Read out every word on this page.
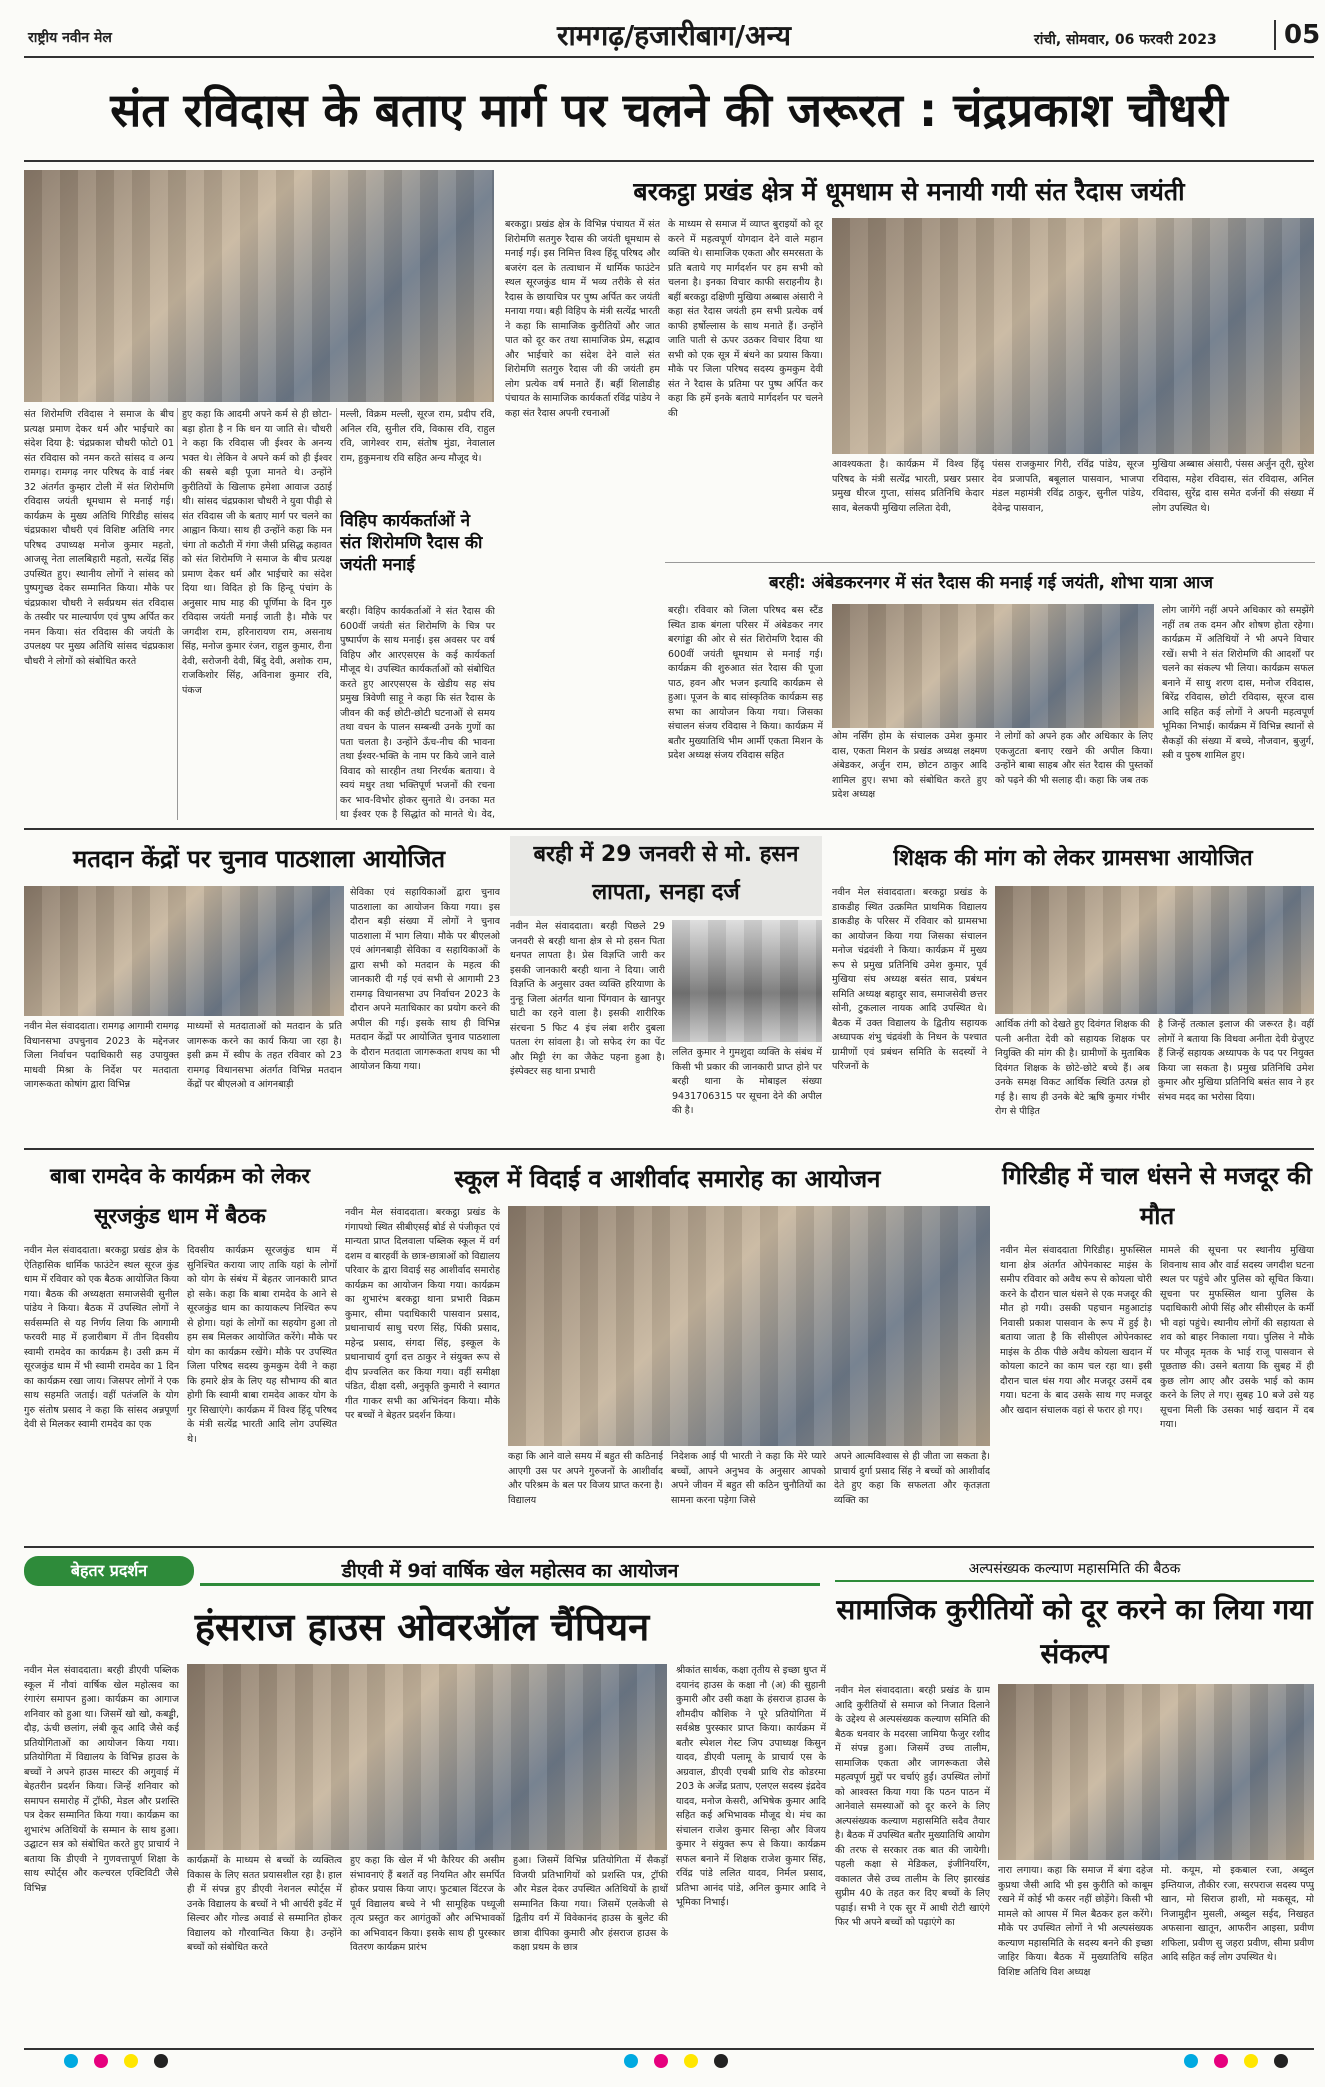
राष्ट्रीय नवीन मेल	रामगढ़/हजारीबाग/अन्य	रांची, सोमवार, 06 फरवरी 2023	05
संत रविदास के बताए मार्ग पर चलने की जरूरत : चंद्रप्रकाश चौधरी
संत शिरोमणि रविदास ने समाज के बीच प्रत्यक्ष प्रमाण देकर धर्म और भाईचारे का संदेश दिया है: चंद्रप्रकाश चौधरी फोटो 01 संत रविदास को नमन करते सांसद व अन्य रामगढ़। रामगढ़ नगर परिषद के वार्ड नंबर 32 अंतर्गत कुम्हार टोली में संत शिरोमणि रविदास जयंती धूमधाम से मनाई गई। कार्यक्रम के मुख्य अतिथि गिरिडीह सांसद चंद्रप्रकाश चौधरी एवं विशिष्ट अतिथि नगर परिषद उपाध्यक्ष मनोज कुमार महतो, आजसू नेता लालबिहारी महतो, सत्येंद्र सिंह उपस्थित हुए। स्थानीय लोगों ने सांसद को पुष्पगुच्छ देकर सम्मानित किया। मौके पर चंद्रप्रकाश चौधरी ने सर्वप्रथम संत रविदास के तस्वीर पर माल्यार्पण एवं पुष्प अर्पित कर नमन किया। संत रविदास की जयंती के उपलक्ष्य पर मुख्य अतिथि सांसद चंद्रप्रकाश चौधरी ने लोगों को संबोधित करते
हुए कहा कि आदमी अपने कर्म से ही छोटा-बड़ा होता है न कि धन या जाति से। चौधरी ने कहा कि रविदास जी ईश्वर के अनन्य भक्त थे। लेकिन वे अपने कर्म को ही ईश्वर की सबसे बड़ी पूजा मानते थे। उन्होंने कुरीतियों के खिलाफ हमेशा आवाज उठाई थी। सांसद चंद्रप्रकाश चौधरी ने युवा पीढ़ी से संत रविदास जी के बताए मार्ग पर चलने का आह्वान किया। साथ ही उन्होंने कहा कि मन चंगा तो कठौती में गंगा जैसी प्रसिद्ध कहावत को संत शिरोमणि ने समाज के बीच प्रत्यक्ष प्रमाण देकर धर्म और भाईचारे का संदेश दिया था। विदित हो कि हिन्दू पंचांग के अनुसार माघ माह की पूर्णिमा के दिन गुरु रविदास जयंती मनाई जाती है। मौके पर जगदीश राम, हरिनारायण राम, असनाथ सिंह, मनोज कुमार रंजन, राहुल कुमार, रीना देवी, सरोजनी देवी, बिंदु देवी, अशोक राम, राजकिशोर सिंह, अविनाश कुमार रवि, पंकज
मल्ली, विक्रम मल्ली, सूरज राम, प्रदीप रवि, अनिल रवि, सुनील रवि, विकास रवि, राहुल रवि, जागेश्वर राम, संतोष मुंडा, नेवालाल राम, हुकुमनाथ रवि सहित अन्य मौजूद थे।
विहिप कार्यकर्ताओं ने संत शिरोमणि रैदास की जयंती मनाई
बरही। विहिप कार्यकर्ताओं ने संत रैदास की 600वीं जयंती संत शिरोमणि के चित्र पर पुष्पार्पण के साथ मनाई। इस अवसर पर वर्ष विहिप और आरएसएस के कई कार्यकर्ता मौजूद थे। उपस्थित कार्यकर्ताओं को संबोधित करते हुए आरएसएस के खेडीय सह संघ प्रमुख त्रिवेणी साहू ने कहा कि संत रैदास के जीवन की कई छोटी-छोटी घटनाओं से समय तथा वचन के पालन सम्बन्धी उनके गुणों का पता चलता है। उन्होंने ऊँच-नीच की भावना तथा ईश्वर-भक्ति के नाम पर किये जाने वाले विवाद को सारहीन तथा निरर्थक बताया। वे स्वयं मधुर तथा भक्तिपूर्ण भजनों की रचना कर भाव-विभोर होकर सुनाते थे। उनका मत था ईश्वर एक है सिद्धांत को मानते थे। वेद,
बरकट्ठा प्रखंड क्षेत्र में धूमधाम से मनायी गयी संत रैदास जयंती
बरकट्ठा। प्रखंड क्षेत्र के विभिन्न पंचायत में संत शिरोमणि सतगुरु रैदास की जयंती धूमधाम से मनाई गई। इस निमित्त विश्व हिंदू परिषद और बजरंग दल के तत्वाधान में धार्मिक फाउंटेन स्थल सूरजकुंड धाम में भव्य तरीके से संत रैदास के छायाचित्र पर पुष्प अर्पित कर जयंती मनाया गया। बही विहिप के मंत्री सत्येंद्र भारती ने कहा कि सामाजिक कुरीतियों और जात पात को दूर कर तथा सामाजिक प्रेम, सद्भाव और भाईचारे का संदेश देने वाले संत शिरोमणि सतगुरु रैदास जी की जयंती हम लोग प्रत्येक वर्ष मनाते हैं। बहीं शिलाडीह पंचायत के सामाजिक कार्यकर्ता रविंद्र पांडेय ने कहा संत रैदास अपनी रचनाओं
के माध्यम से समाज में व्याप्त बुराइयों को दूर करने में महत्वपूर्ण योगदान देने वाले महान व्यक्ति थे। सामाजिक एकता और समरसता के प्रति बताये गए मार्गदर्शन पर हम सभी को चलना है। इनका विचार काफी सराहनीय है। बहीं बरकट्ठा दक्षिणी मुखिया अब्बास अंसारी ने कहा संत रैदास जयंती हम सभी प्रत्येक वर्ष काफी हर्षोल्लास के साथ मनाते हैं। उन्होंने जाति पाती से ऊपर उठकर विचार दिया था सभी को एक सूत्र में बंधने का प्रयास किया। मौके पर जिला परिषद सदस्य कुमकुम देवी संत ने रैदास के प्रतिमा पर पुष्प अर्पित कर कहा कि हमें इनके बताये मार्गदर्शन पर चलने की
आवश्यकता है। कार्यक्रम में विश्व हिंदू परिषद के मंत्री सत्येंद्र भारती, प्रखर प्रसार प्रमुख धीरज गुप्ता, सांसद प्रतिनिधि केदार साव, बेलकपी मुखिया ललिता देवी,
पंसस राजकुमार गिरी, रविंद्र पांडेय, सूरज देव प्रजापति, बबूलाल पासवान, भाजपा मंडल महामंत्री रविंद्र ठाकुर, सुनील पांडेय, देवेन्द्र पासवान,
मुखिया अब्बास अंसारी, पंसस अर्जुन तूरी, सुरेश रविदास, महेश रविदास, संत रविदास, अनिल रविदास, सुरेंद्र दास समेत दर्जनों की संख्या में लोग उपस्थित थे।
बरही: अंबेडकरनगर में संत रैदास की मनाई गई जयंती, शोभा यात्रा आज
बरही। रविवार को जिला परिषद बस स्टैंड स्थित डाक बंगला परिसर में अंबेडकर नगर बरगांड्डा की ओर से संत शिरोमणि रैदास की 600वीं जयंती धूमधाम से मनाई गई। कार्यक्रम की शुरुआत संत रैदास की पूजा पाठ, हवन और भजन इत्यादि कार्यक्रम से हुआ। पूजन के बाद सांस्कृतिक कार्यक्रम सह सभा का आयोजन किया गया। जिसका संचालन संजय रविदास ने किया। कार्यक्रम में बतौर मुख्यातिथि भीम आर्मी एकता मिशन के प्रदेश अध्यक्ष संजय रविदास सहित
ओम नर्सिंग होम के संचालक उमेश कुमार दास, एकता मिशन के प्रखंड अध्यक्ष लक्ष्मण अंबेडकर, अर्जुन राम, छोटन ठाकुर आदि शामिल हुए। सभा को संबोधित करते हुए प्रदेश अध्यक्ष
ने लोगों को अपने हक और अधिकार के लिए एकजुटता बनाए रखने की अपील किया। उन्होंने बाबा साहब और संत रैदास की पुस्तकों को पढ़ने की भी सलाह दी। कहा कि जब तक
लोग जागेंगे नहीं अपने अधिकार को समझेंगे नहीं तब तक दमन और शोषण होता रहेगा। कार्यक्रम में अतिथियों ने भी अपने विचार रखें। सभी ने संत शिरोमणि की आदर्शों पर चलने का संकल्प भी लिया। कार्यक्रम सफल बनाने में साधु शरण दास, मनोज रविदास, बिरेंद्र रविदास, छोटी रविदास, सूरज दास आदि सहित कई लोगों ने अपनी महत्वपूर्ण भूमिका निभाई। कार्यक्रम में विभिन्न स्थानों से सैकड़ों की संख्या में बच्चे, नौजवान, बुजुर्ग, स्त्री व पुरुष शामिल हुए।
मतदान केंद्रों पर चुनाव पाठशाला आयोजित
नवीन मेल संवाददाता। रामगढ़ आगामी रामगढ़ विधानसभा उपचुनाव 2023 के मद्देनजर जिला निर्वाचन पदाधिकारी सह उपायुक्त माधवी मिश्रा के निर्देश पर मतदाता जागरूकता कोषांग द्वारा विभिन्न
माध्यमों से मतदाताओं को मतदान के प्रति जागरूक करने का कार्य किया जा रहा है। इसी क्रम में स्वीप के तहत रविवार को 23 रामगढ़ विधानसभा अंतर्गत विभिन्न मतदान केंद्रों पर बीएलओ व आंगनबाड़ी
सेविका एवं सहायिकाओं द्वारा चुनाव पाठशाला का आयोजन किया गया। इस दौरान बड़ी संख्या में लोगों ने चुनाव पाठशाला में भाग लिया। मौके पर बीएलओ एवं आंगनबाड़ी सेविका व सहायिकाओं के द्वारा सभी को मतदान के महत्व की जानकारी दी गई एवं सभी से आगामी 23 रामगढ़ विधानसभा उप निर्वाचन 2023 के दौरान अपने मताधिकार का प्रयोग करने की अपील की गई। इसके साथ ही विभिन्न मतदान केंद्रों पर आयोजित चुनाव पाठशाला के दौरान मतदाता जागरूकता शपथ का भी आयोजन किया गया।
बरही में 29 जनवरी से मो. हसन लापता, सनहा दर्ज
नवीन मेल संवाददाता। बरही पिछले 29 जनवरी से बरही थाना क्षेत्र से मो हसन पिता धनपत लापता है। प्रेस विज्ञप्ति जारी कर इसकी जानकारी बरही थाना ने दिया। जारी विज्ञप्ति के अनुसार उक्त व्यक्ति हरियाणा के नुन्हू जिला अंतर्गत थाना पिंगवान के खानपुर घाटी का रहने वाला है। इसकी शारीरिक संरचना 5 फिट 4 इंच लंबा शरीर दुबला पतला रंग सांवला है। जो सफेद रंग का पेंट और मिट्टी रंग का जैकेट पहना हुआ है। इंस्पेक्टर सह थाना प्रभारी
ललित कुमार ने गुमशुदा व्यक्ति के संबंध में किसी भी प्रकार की जानकारी प्राप्त होने पर बरही थाना के मोबाइल संख्या 9431706315 पर सूचना देने की अपील की है।
शिक्षक की मांग को लेकर ग्रामसभा आयोजित
नवीन मेल संवाददाता। बरकट्ठा प्रखंड के डाकडीह स्थित उत्क्रमित प्राथमिक विद्यालय डाकडीह के परिसर में रविवार को ग्रामसभा का आयोजन किया गया जिसका संचालन मनोज चंद्रवंशी ने किया। कार्यक्रम में मुख्य रूप से प्रमुख प्रतिनिधि उमेश कुमार, पूर्व मुखिया संघ अध्यक्ष बसंत साव, प्रबंधन समिति अध्यक्ष बहादुर साव, समाजसेवी छत्तर सोनी, टुकलाल नायक आदि उपस्थित थे। बैठक में उक्त विद्यालय के द्वितीय सहायक अध्यापक शंभु चंद्रवंशी के निधन के पश्चात ग्रामीणों एवं प्रबंधन समिति के सदस्यों ने परिजनों के
आर्थिक तंगी को देखते हुए दिवंगत शिक्षक की पत्नी अनीता देवी को सहायक शिक्षक पर नियुक्ति की मांग की है। ग्रामीणों के मुताबिक दिवंगत शिक्षक के छोटे-छोटे बच्चे हैं। अब उनके समक्ष विकट आर्थिक स्थिति उत्पन्न हो गई है। साथ ही उनके बेटे ऋषि कुमार गंभीर रोग से पीड़ित
है जिन्हें तत्काल इलाज की जरूरत है। वहीं लोगों ने बताया कि विधवा अनीता देवी ग्रेजुएट हैं जिन्हें सहायक अध्यापक के पद पर नियुक्त किया जा सकता है। प्रमुख प्रतिनिधि उमेश कुमार और मुखिया प्रतिनिधि बसंत साव ने हर संभव मदद का भरोसा दिया।
बाबा रामदेव के कार्यक्रम को लेकर सूरजकुंड धाम में बैठक
नवीन मेल संवाददाता। बरकट्ठा प्रखंड क्षेत्र के ऐतिहासिक धार्मिक फाउंटेन स्थल सूरज कुंड धाम में रविवार को एक बैठक आयोजित किया गया। बैठक की अध्यक्षता समाजसेवी सुनील पांडेय ने किया। बैठक में उपस्थित लोगों ने सर्वसम्मति से यह निर्णय लिया कि आगामी फरवरी माह में हजारीबाग में तीन दिवसीय स्वामी रामदेव का कार्यक्रम है। उसी क्रम में सूरजकुंड धाम में भी स्वामी रामदेव का 1 दिन का कार्यक्रम रखा जाय। जिसपर लोगों ने एक साथ सहमति जताई। वहीं पतंजलि के योग गुरु संतोष प्रसाद ने कहा कि सांसद अन्नपूर्णा देवी से मिलकर स्वामी रामदेव का एक
दिवसीय कार्यक्रम सूरजकुंड धाम में सुनिश्चित कराया जाए ताकि यहां के लोगों को योग के संबंध में बेहतर जानकारी प्राप्त हो सके। कहा कि बाबा रामदेव के आने से सूरजकुंड धाम का कायाकल्प निश्चित रूप से होगा। यहां के लोगों का सहयोग हुआ तो हम सब मिलकर आयोजित करेंगे। मौके पर योग का कार्यक्रम रखेंगे। मौके पर उपस्थित जिला परिषद सदस्य कुमकुम देवी ने कहा कि हमारे क्षेत्र के लिए यह सौभाग्य की बात होगी कि स्वामी बाबा रामदेव आकर योग के गुर सिखाएंगे। कार्यक्रम में विश्व हिंदू परिषद के मंत्री सत्येंद्र भारती आदि लोग उपस्थित थे।
स्कूल में विदाई व आशीर्वाद समारोह का आयोजन
नवीन मेल संवाददाता। बरकट्ठा प्रखंड के गंगापथो स्थित सीबीएसई बोर्ड से पंजीकृत एवं मान्यता प्राप्त दिलवाला पब्लिक स्कूल में वर्ग दशम व बारहवीं के छात्र-छात्राओं को विद्यालय परिवार के द्वारा विदाई सह आशीर्वाद समारोह कार्यक्रम का आयोजन किया गया। कार्यक्रम का शुभारंभ बरकट्ठा थाना प्रभारी विक्रम कुमार, सीमा पदाधिकारी पासवान प्रसाद, प्रधानाचार्य साधु चरण सिंह, पिंकी प्रसाद, महेन्द्र प्रसाद, संगदा सिंह, इस्कूल के प्रधानाचार्य दुर्गा दत्त ठाकुर ने संयुक्त रूप से दीप प्रज्वलित कर किया गया। वहीं समीक्षा पंडित, दीक्षा दसी, अनुकृति कुमारी ने स्वागत गीत गाकर सभी का अभिनंदन किया। मौके पर बच्चों ने बेहतर प्रदर्शन किया।
कहा कि आने वाले समय में बहुत सी कठिनाई आएगी उस पर अपने गुरुजनों के आशीर्वाद और परिश्रम के बल पर विजय प्राप्त करना है। विद्यालय
निदेशक आई पी भारती ने कहा कि मेरे प्यारे बच्चों, आपने अनुभव के अनुसार आपको अपने जीवन में बहुत सी कठिन चुनौतियों का सामना करना पड़ेगा जिसे
अपने आत्मविश्वास से ही जीता जा सकता है। प्राचार्य दुर्गा प्रसाद सिंह ने बच्चों को आशीर्वाद देते हुए कहा कि सफलता और कृतज्ञता व्यक्ति का
गिरिडीह में चाल धंसने से मजदूर की मौत
नवीन मेल संवाददाता गिरिडीह। मुफस्सिल थाना क्षेत्र अंतर्गत ओपेनकास्ट माइंस के समीप रविवार को अवैध रूप से कोयला चोरी करने के दौरान चाल धंसने से एक मजदूर की मौत हो गयी। उसकी पहचान महुआटांड़ निवासी प्रकाश पासवान के रूप में हुई है। बताया जाता है कि सीसीएल ओपेनकास्ट माइंस के ठीक पीछे अवैध कोयला खदान में कोयला काटने का काम चल रहा था। इसी दौरान चाल धंस गया और मजदूर उसमें दब गया। घटना के बाद उसके साथ गए मजदूर और खदान संचालक वहां से फरार हो गए।
मामले की सूचना पर स्थानीय मुखिया शिवनाथ साव और वार्ड सदस्य जगदीश घटना स्थल पर पहुंचे और पुलिस को सूचित किया। सूचना पर मुफस्सिल थाना पुलिस के पदाधिकारी ओपी सिंह और सीसीएल के कर्मी भी वहां पहुंचे। स्थानीय लोगों की सहायता से शव को बाहर निकाला गया। पुलिस ने मौके पर मौजूद मृतक के भाई राजू पासवान से पूछताछ की। उसने बताया कि सुबह में ही कुछ लोग आए और उसके भाई को काम करने के लिए ले गए। सुबह 10 बजे उसे यह सूचना मिली कि उसका भाई खदान में दब गया।
बेहतर प्रदर्शन	डीएवी में 9वां वार्षिक खेल महोत्सव का आयोजन
हंसराज हाउस ओवरऑल चैंपियन
नवीन मेल संवाददाता। बरही डीएवी पब्लिक स्कूल में नौवां वार्षिक खेल महोत्सव का रंगारंग समापन हुआ। कार्यक्रम का आगाज शनिवार को हुआ था। जिसमें खो खो, कबड्डी, दौड़, ऊंची छलांग, लंबी कूद आदि जैसे कई प्रतियोगिताओं का आयोजन किया गया। प्रतियोगिता में विद्यालय के विभिन्न हाउस के बच्चों ने अपने हाउस मास्टर की अगुवाई में बेहतरीन प्रदर्शन किया। जिन्हें शनिवार को समापन समारोह में ट्रॉफी, मेडल और प्रशस्ति पत्र देकर सम्मानित किया गया। कार्यक्रम का शुभारंभ अतिथियों के सम्मान के साथ हुआ। उद्घाटन सत्र को संबोधित करते हुए प्राचार्य ने बताया कि डीएवी ने गुणवत्तापूर्ण शिक्षा के साथ स्पोर्ट्स और कल्चरल एक्टिविटी जैसे विभिन्न
कार्यक्रमों के माध्यम से बच्चों के व्यक्तित्व विकास के लिए सतत प्रयासशील रहा है। हाल ही में संपन्न हुए डीएवी नेशनल स्पोर्ट्स में उनके विद्यालय के बच्चों ने भी आर्चरी इवेंट में सिल्वर और गोल्ड अवार्ड से सम्मानित होकर विद्यालय को गौरवान्वित किया है। उन्होंने बच्चों को संबोधित करते
हुए कहा कि खेल में भी कैरियर की असीम संभावनाएं हैं बशर्ते वह नियमित और समर्पित होकर प्रयास किया जाए। फुटबाल विंटरज के पूर्व विद्यालय बच्चे ने भी सामूहिक पध्यूजी तृत्य प्रस्तुत कर आगंतुकों और अभिभावकों का अभिवादन किया। इसके साथ ही पुरस्कार वितरण कार्यक्रम प्रारंभ
हुआ। जिसमें विभिन्न प्रतियोगिता में सैकड़ों विजयी प्रतिभागियों को प्रशस्ति पत्र, ट्रॉफी और मेडल देकर उपस्थित अतिथियों के हाथों सम्मानित किया गया। जिसमें एलकेजी से द्वितीय वर्ग में विवेकानंद हाउस के बुलेट की छात्रा दीपिका कुमारी और हंसराज हाउस के कक्षा प्रथम के छात्र
श्रीकांत सार्थक, कक्षा तृतीय से इच्छा धुप्त में दयानंद हाउस के कक्षा नौ (अ) की सुहानी कुमारी और उसी कक्षा के हंसराज हाउस के शौमदीप कौशिक ने पूरे प्रतियोगिता में सर्वश्रेष्ठ पुरस्कार प्राप्त किया। कार्यक्रम में बतौर स्पेशल गेस्ट जिप उपाध्यक्ष किसुन यादव, डीएवी पलामू के प्राचार्य एस के अग्रवाल, डीएवी एचबी प्राथि रोड कोडरमा 203 के अजेंद्र प्रताप, एलएल सदस्य इंद्रदेव यादव, मनोज केसरी, अभिषेक कुमार आदि सहित कई अभिभावक मौजूद थे। मंच का संचालन राजेश कुमार सिन्हा और विजय कुमार ने संयुक्त रूप से किया। कार्यक्रम सफल बनाने में शिक्षक राजेश कुमार सिंह, रविंद्र पांडे ललित यादव, निर्मल प्रसाद, प्रतिभा आनंद पांडे, अनिल कुमार आदि ने भूमिका निभाई।
अल्पसंख्यक कल्याण महासमिति की बैठक
सामाजिक कुरीतियों को दूर करने का लिया गया संकल्प
नवीन मेल संवाददाता। बरही प्रखंड के ग्राम आदि कुरीतियों से समाज को निजात दिलाने के उद्देश्य से अल्पसंख्यक कल्याण समिति की बैठक धनवार के मदरसा जामिया फैजुर रशीद में संपन्न हुआ। जिसमें उच्च तालीम, सामाजिक एकता और जागरूकता जैसे महत्वपूर्ण मुद्दों पर चर्चाएं हुईं। उपस्थित लोगों को आश्वस्त किया गया कि पठन पाठन में आनेवाले समस्याओं को दूर करने के लिए अल्पसंख्यक कल्याण महासमिति सदैव तैयार है। बैठक में उपस्थित बतौर मुख्यातिथि आयोग की तरफ से सरकार तक बात की जायेगी। पहली कक्षा से मेडिकल, इंजीनियरिंग, वकालत जैसे उच्च तालीम के लिए झारखंड सुप्रीम 40 के तहत कर दिए बच्चों के लिए पढ़ाई। सभी ने एक सुर में आधी रोटी खाएंगे फिर भी अपने बच्चों को पढ़ाएंगे का
नारा लगाया। कहा कि समाज में बंगा दहेज कुप्रथा जैसी आदि भी इस कुरीति को काबूम रखने में कोई भी कसर नहीं छोड़ेंगे। किसी भी मामले को आपस में मिल बैठकर हल करेंगे। मौके पर उपस्थित लोगों ने भी अल्पसंख्यक कल्याण महासमिति के सदस्य बनने की इच्छा जाहिर किया। बैठक में मुख्यातिथि सहित विशिष्ट अतिथि विश अध्यक्ष
मो. कयूम, मो इकबाल रजा, अब्दुल इम्तियाज, तौकीर रजा, सरपराज सदस्य पप्पु खान, मो सिराज हाशी, मो मकसूद, मो निजामुद्दीन मुसली, अब्दुल सईद, निखहत अफसाना खातून, आफरीन आइसा, प्रवीण शफिला, प्रवीण सु जहरा प्रवीण, सीमा प्रवीण आदि सहित कई लोग उपस्थित थे।
